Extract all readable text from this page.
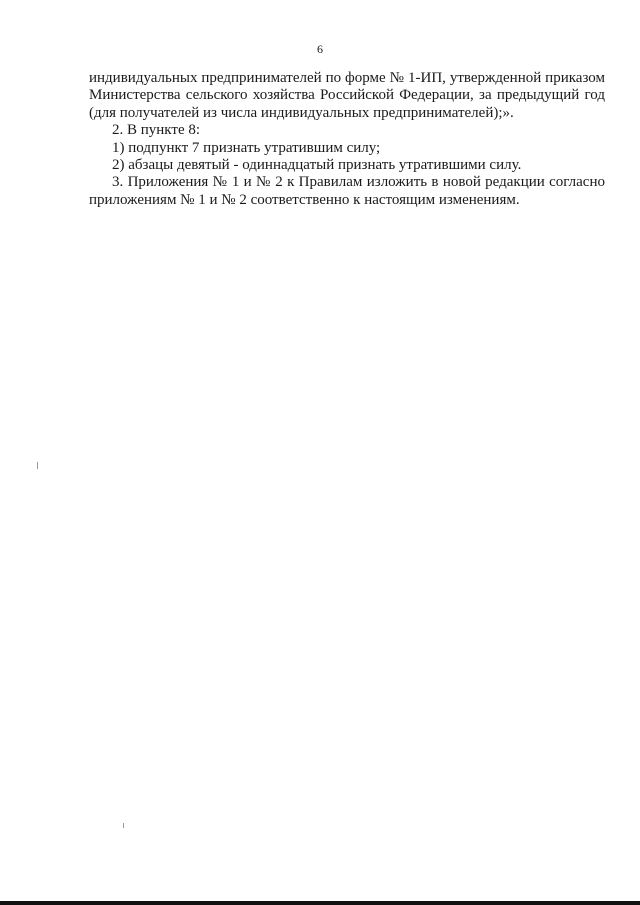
6

индивидуальных предпринимателей по форме № 1-ИП, утвержденной приказом Министерства сельского хозяйства Российской Федерации, за предыдущий год (для получателей из числа индивидуальных предпринимателей);».

2. В пункте 8:

1) подпункт 7 признать утратившим силу;

2) абзацы девятый - одиннадцатый признать утратившими силу.

3. Приложения № 1 и № 2 к Правилам изложить в новой редакции согласно приложениям № 1 и № 2 соответственно к настоящим изменениям.
